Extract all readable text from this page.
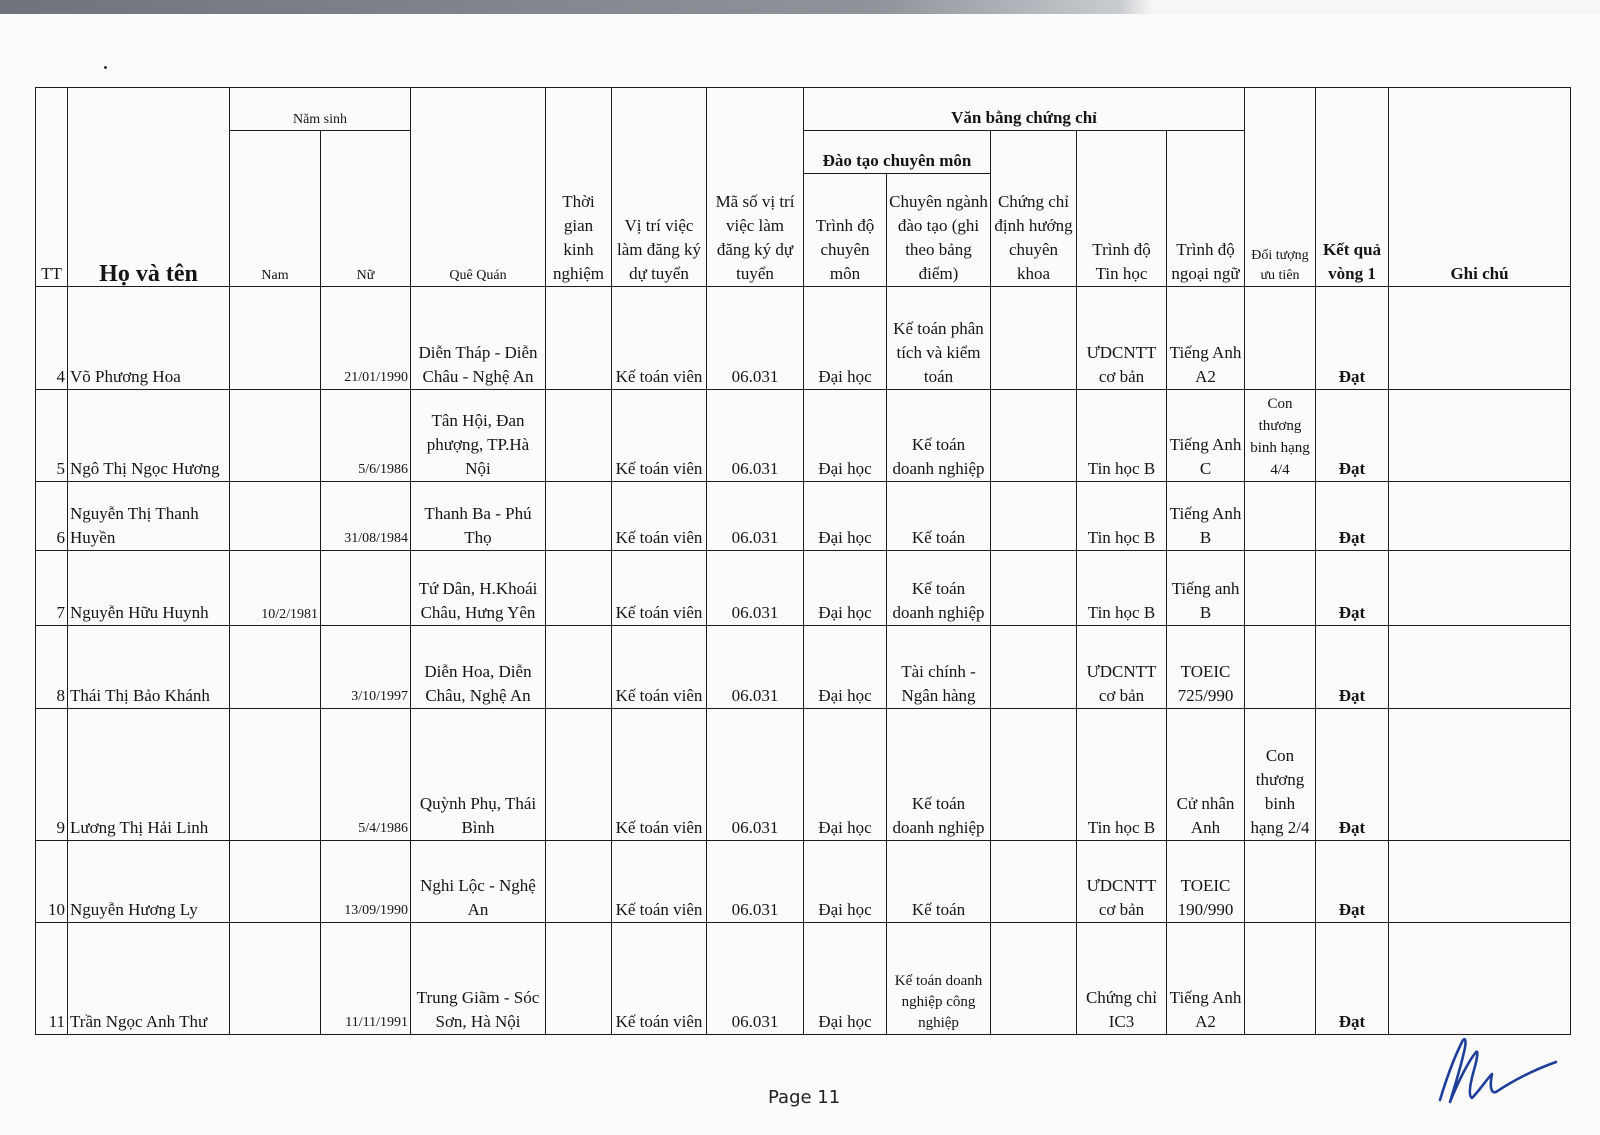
TT	Họ và tên	Năm sinh		Quê Quán	Thời gian kinh nghiệm	Vị trí việc làm đăng ký dự tuyển	Mã số vị trí việc làm đăng ký dự tuyển	Văn bằng chứng chỉ					Đối tượng ưu tiên	Kết quả vòng 1	Ghi chú
		Nam	Nữ					Đào tạo chuyên môn		Chứng chỉ định hướng chuyên khoa	Trình độ Tin học	Trình độ ngoại ngữ			
								Trình độ chuyên môn	Chuyên ngành đào tạo (ghi theo bảng điểm)						
4	Võ Phương Hoa		21/01/1990	Diễn Tháp - Diễn Châu - Nghệ An		Kế toán viên	06.031	Đại học	Kế toán phân tích và kiểm toán		ƯDCNTT cơ bản	Tiếng Anh A2		Đạt	
5	Ngô Thị Ngọc Hương		5/6/1986	Tân Hội, Đan phượng, TP.Hà Nội		Kế toán viên	06.031	Đại học	Kế toán doanh nghiệp		Tin học B	Tiếng Anh C	Con thương binh hạng 4/4	Đạt	
6	Nguyễn Thị Thanh Huyền		31/08/1984	Thanh Ba - Phú Thọ		Kế toán viên	06.031	Đại học	Kế toán		Tin học B	Tiếng Anh B		Đạt	
7	Nguyễn Hữu Huynh	10/2/1981		Tứ Dân, H.Khoái Châu, Hưng Yên		Kế toán viên	06.031	Đại học	Kế toán doanh nghiệp		Tin học B	Tiếng anh B		Đạt	
8	Thái Thị Bảo Khánh		3/10/1997	Diễn Hoa, Diễn Châu, Nghệ An		Kế toán viên	06.031	Đại học	Tài chính - Ngân hàng		ƯDCNTT cơ bản	TOEIC 725/990		Đạt	
9	Lương Thị Hải Linh		5/4/1986	Quỳnh Phụ, Thái Bình		Kế toán viên	06.031	Đại học	Kế toán doanh nghiệp		Tin học B	Cử nhân Anh	Con thương binh hạng 2/4	Đạt	
10	Nguyễn Hương Ly		13/09/1990	Nghi Lộc - Nghệ An		Kế toán viên	06.031	Đại học	Kế toán		ƯDCNTT cơ bản	TOEIC 190/990		Đạt	
11	Trần Ngọc Anh Thư		11/11/1991	Trung Giãm - Sóc Sơn, Hà Nội		Kế toán viên	06.031	Đại học	Kế toán doanh nghiệp công nghiệp		Chứng chỉ IC3	Tiếng Anh A2		Đạt	
Page 11
